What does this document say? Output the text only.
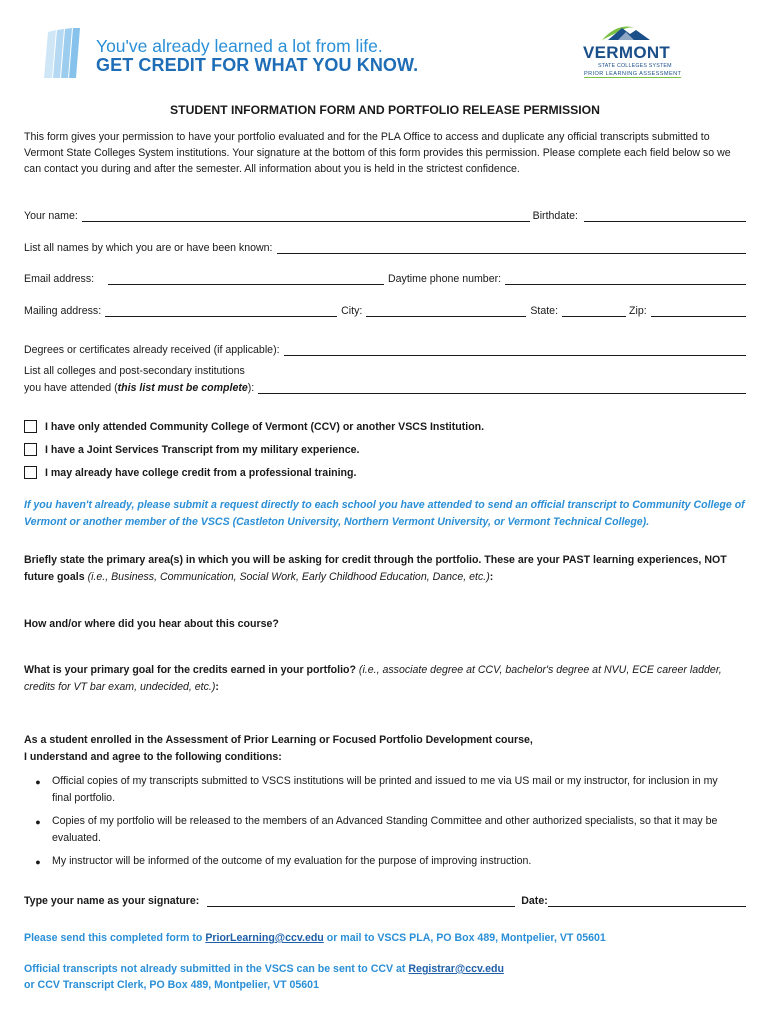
You've already learned a lot from life.
GET CREDIT FOR WHAT YOU KNOW.
VERMONT
STATE COLLEGES SYSTEM
PRIOR LEARNING ASSESSMENT
STUDENT INFORMATION FORM AND PORTFOLIO RELEASE PERMISSION
This form gives your permission to have your portfolio evaluated and for the PLA Office to access and duplicate any official transcripts submitted to Vermont State Colleges System institutions. Your signature at the bottom of this form provides this permission. Please complete each field below so we can contact you during and after the semester. All information about you is held in the strictest confidence.
Your name:	Birthdate:
List all names by which you are or have been known:
Email address:	Daytime phone number:
Mailing address:	City:	State:	Zip:
Degrees or certificates already received (if applicable):
List all colleges and post-secondary institutions
you have attended ( this list must be complete ):
I have only attended Community College of Vermont (CCV) or another VSCS Institution.
I have a Joint Services Transcript from my military experience.
I may already have college credit from a professional training.
If you haven't already, please submit a request directly to each school you have attended to send an official transcript to Community College of Vermont or another member of the VSCS (Castleton University, Northern Vermont University, or Vermont Technical College).
Briefly state the primary area(s) in which you will be asking for credit through the portfolio. These are your PAST learning experiences, NOT future goals (i.e., Business, Communication, Social Work, Early Childhood Education, Dance, etc.):
How and/or where did you hear about this course?
What is your primary goal for the credits earned in your portfolio? (i.e., associate degree at CCV, bachelor's degree at NVU, ECE career ladder, credits for VT bar exam, undecided, etc.):
As a student enrolled in the Assessment of Prior Learning or Focused Portfolio Development course,
I understand and agree to the following conditions:
●	Official copies of my transcripts submitted to VSCS institutions will be printed and issued to me via US mail or my instructor, for inclusion in my final portfolio.
●	Copies of my portfolio will be released to the members of an Advanced Standing Committee and other authorized specialists, so that it may be evaluated.
●	My instructor will be informed of the outcome of my evaluation for the purpose of improving instruction.
Type your name as your signature:	Date:
Please send this completed form to PriorLearning@ccv.edu or mail to VSCS PLA, PO Box 489, Montpelier, VT 05601
Official transcripts not already submitted in the VSCS can be sent to CCV at Registrar@ccv.edu
or CCV Transcript Clerk, PO Box 489, Montpelier, VT 05601
